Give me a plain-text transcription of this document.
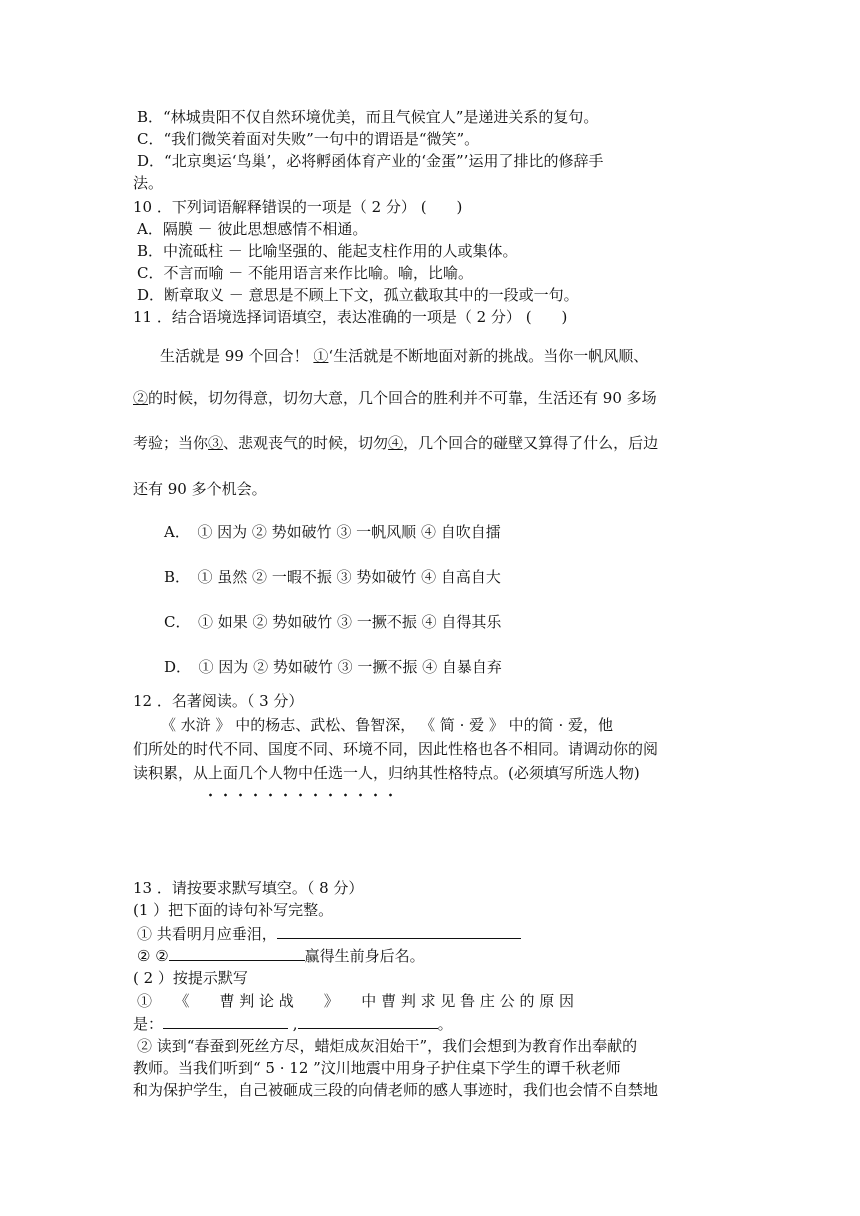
B．“林城贵阳不仅自然环境优美，而且气候宜人”是递进关系的复句。
C．“我们微笑着面对失败”一句中的谓语是“微笑”。
D．“北京奥运‘鸟巢’，必将孵函体育产业的‘金蛋”’运用了排比的修辞手
法。
10 ．下列词语解释错误的一项是（ 2 分） (　　)
A．隔膜 － 彼此思想感情不相通。
B．中流砥柱 － 比喻坚强的、能起支柱作用的人或集体。
C．不言而喻 － 不能用语言来作比喻。喻，比喻。
D．断章取义 － 意思是不顾上下文，孤立截取其中的一段或一句。
11 ．结合语境选择词语填空，表达准确的一项是（ 2 分） (　　)
生活就是 99 个回合！ ①‘生活就是不断地面对新的挑战。当你一帆风顺、
②的时候，切勿得意，切勿大意，几个回合的胜利并不可靠，生活还有 90 多场
考验；当你③、悲观丧气的时候，切勿④，几个回合的碰壁又算得了什么，后边
还有 90 多个机会。
A．　① 因为 ② 势如破竹 ③ 一帆风顺 ④ 自吹自擂
B．　① 虽然 ② 一暇不振 ③ 势如破竹 ④ 自高自大
C．　① 如果 ② 势如破竹 ③ 一撅不振 ④ 自得其乐
D．　① 因为 ② 势如破竹 ③ 一撅不振 ④ 自暴自弃
12 ．名著阅读。（ 3 分）
《 水浒 》 中的杨志、武松、鲁智深， 《 简 · 爱 》 中的简 · 爱，他
们所处的时代不同、国度不同、环境不同，因此性格也各不相同。请调动你的阅
读积累，从上面几个人物中任选一人，归纳其性格特点。(必须填写所选人物)
13 ．请按要求默写填空。（ 8 分）
(1 ）把下面的诗句补写完整。
① 共看明月应垂泪，
② ②	赢得生前身后名。
( 2 ）按提示默写
①　　《　　曹 判 论 战　　》　　中 曹 判 求 见 鲁 庄 公 的 原 因
是：	,	。
② 读到“春蚕到死丝方尽，蜡炬成灰泪始干”，我们会想到为教育作出奉献的
教师。当我们听到“ 5 · 12 ”汶川地震中用身子护住桌下学生的谭千秋老师
和为保护学生，自己被砸成三段的向倩老师的感人事迹时，我们也会情不自禁地
